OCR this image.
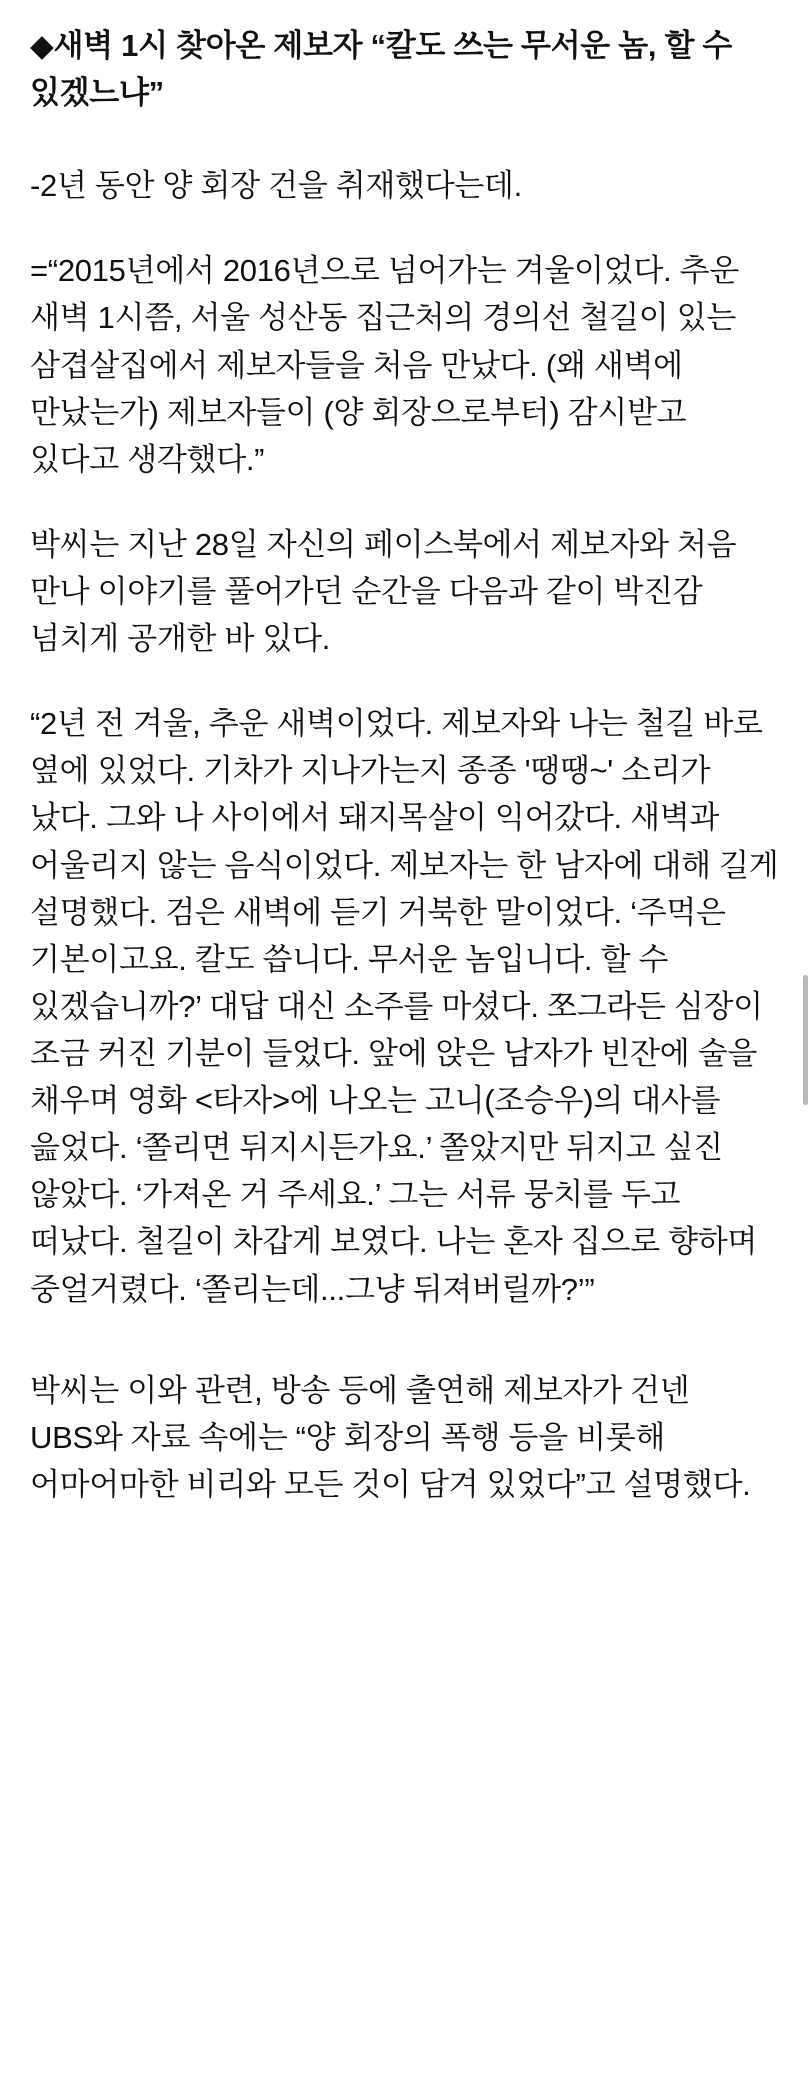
◆새벽 1시 찾아온 제보자 “칼도 쓰는 무서운 놈, 할 수 있겠느냐”

-2년 동안 양 회장 건을 취재했다는데.

=“2015년에서 2016년으로 넘어가는 겨울이었다. 추운 새벽 1시쯤, 서울 성산동 집근처의 경의선 철길이 있는 삼겹살집에서 제보자들을 처음 만났다. (왜 새벽에 만났는가) 제보자들이 (양 회장으로부터) 감시받고 있다고 생각했다.”

박씨는 지난 28일 자신의 페이스북에서 제보자와 처음 만나 이야기를 풀어가던 순간을 다음과 같이 박진감 넘치게 공개한 바 있다.

“2년 전 겨울, 추운 새벽이었다. 제보자와 나는 철길 바로 옆에 있었다. 기차가 지나가는지 종종 '땡땡~' 소리가 났다. 그와 나 사이에서 돼지목살이 익어갔다. 새벽과 어울리지 않는 음식이었다. 제보자는 한 남자에 대해 길게 설명했다. 검은 새벽에 듣기 거북한 말이었다. ‘주먹은 기본이고요. 칼도 씁니다. 무서운 놈입니다. 할 수 있겠습니까?’ 대답 대신 소주를 마셨다. 쪼그라든 심장이 조금 커진 기분이 들었다. 앞에 앉은 남자가 빈잔에 술을 채우며 영화 <타자>에 나오는 고니(조승우)의 대사를 읊었다. ‘쫄리면 뒤지시든가요.’ 쫄았지만 뒤지고 싶진 않았다. ‘가져온 거 주세요.’ 그는 서류 뭉치를 두고 떠났다. 철길이 차갑게 보였다. 나는 혼자 집으로 향하며 중얼거렸다. ‘쫄리는데...그냥 뒤져버릴까?’”

박씨는 이와 관련, 방송 등에 출연해 제보자가 건넨 UBS와 자료 속에는 “양 회장의 폭행 등을 비롯해 어마어마한 비리와 모든 것이 담겨 있었다”고 설명했다.
